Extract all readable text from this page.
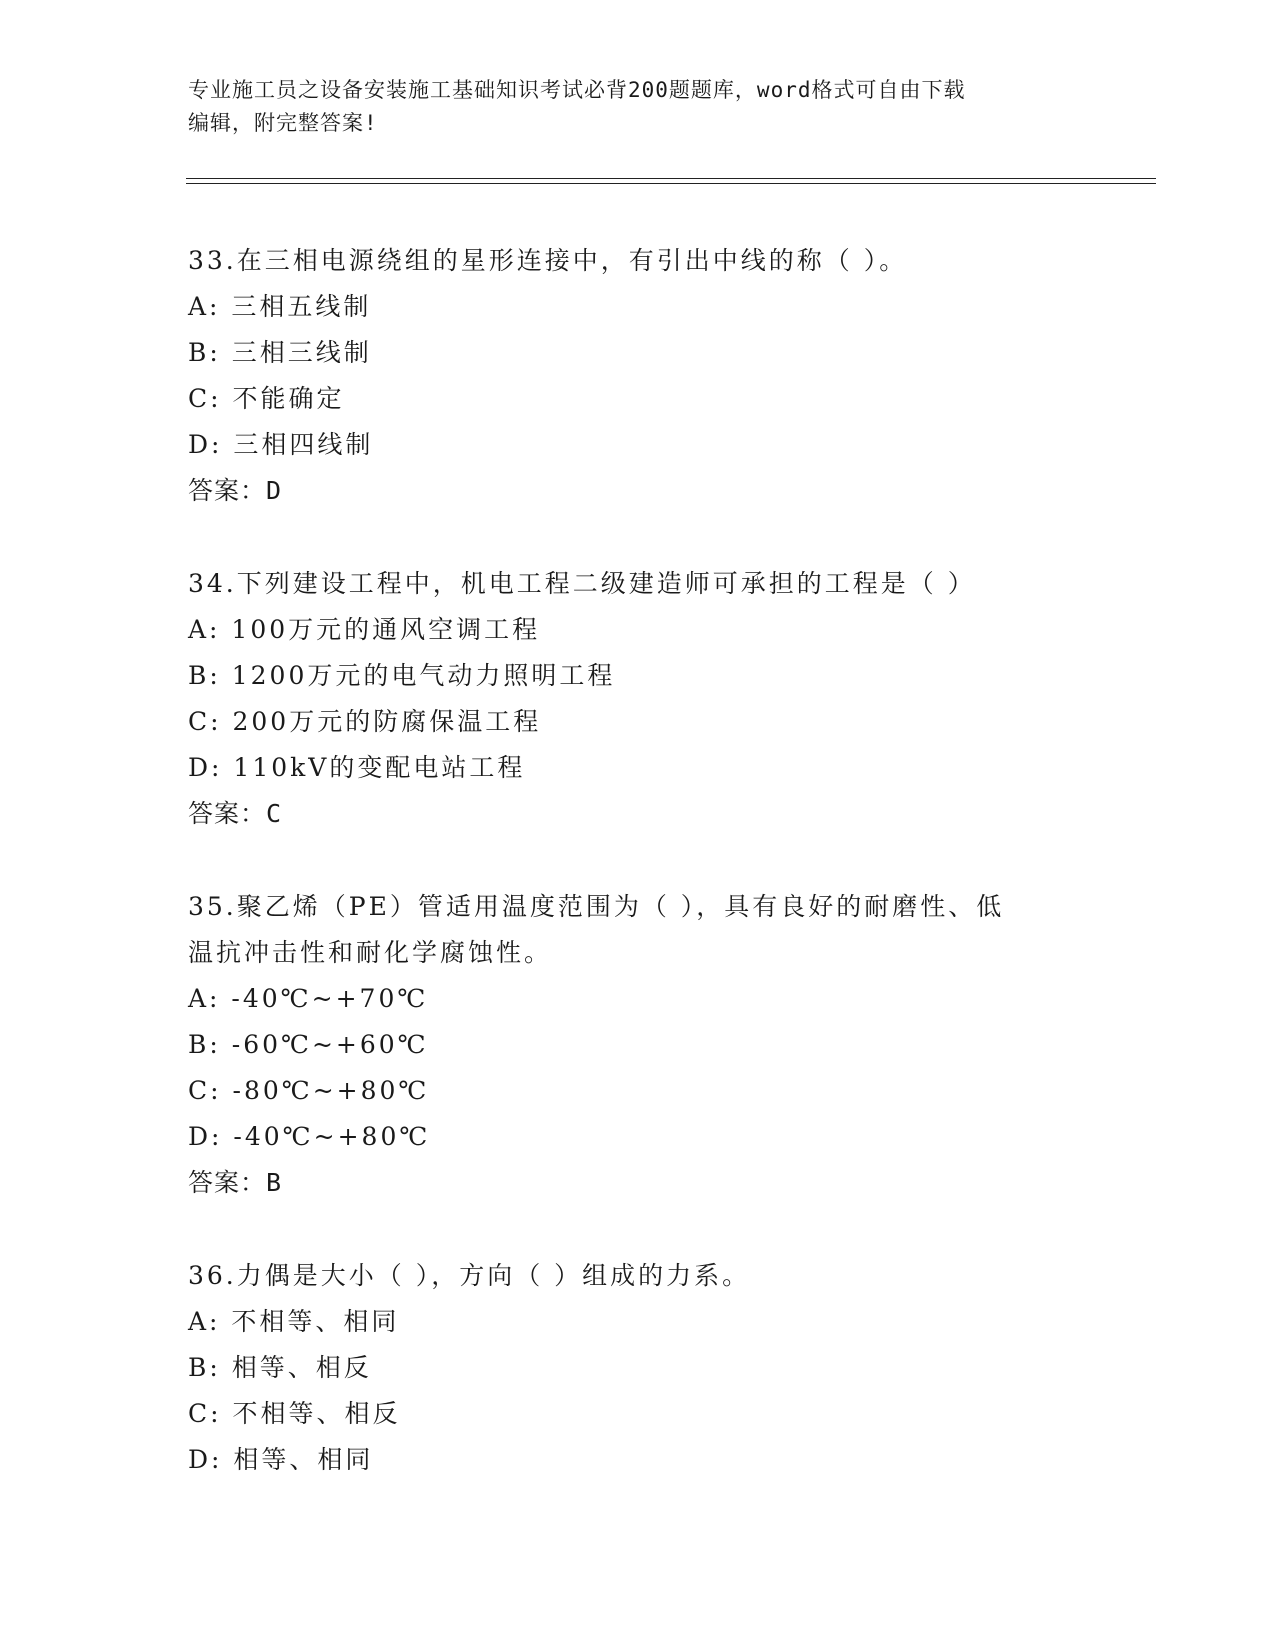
专业施工员之设备安装施工基础知识考试必背200题题库，word格式可自由下载
编辑，附完整答案!
33.在三相电源绕组的星形连接中，有引出中线的称（ ）。
A: 三相五线制
B: 三相三线制
C: 不能确定
D: 三相四线制
答案：D
34.下列建设工程中，机电工程二级建造师可承担的工程是（ ）
A: 100万元的通风空调工程
B: 1200万元的电气动力照明工程
C: 200万元的防腐保温工程
D: 110kV的变配电站工程
答案：C
35.聚乙烯（PE）管适用温度范围为（ ），具有良好的耐磨性、低温抗冲击性和耐化学腐蚀性。
A: -40℃~+70℃
B: -60℃~+60℃
C: -80℃~+80℃
D: -40℃~+80℃
答案：B
36.力偶是大小（ ），方向（ ）组成的力系。
A: 不相等、相同
B: 相等、相反
C: 不相等、相反
D: 相等、相同
